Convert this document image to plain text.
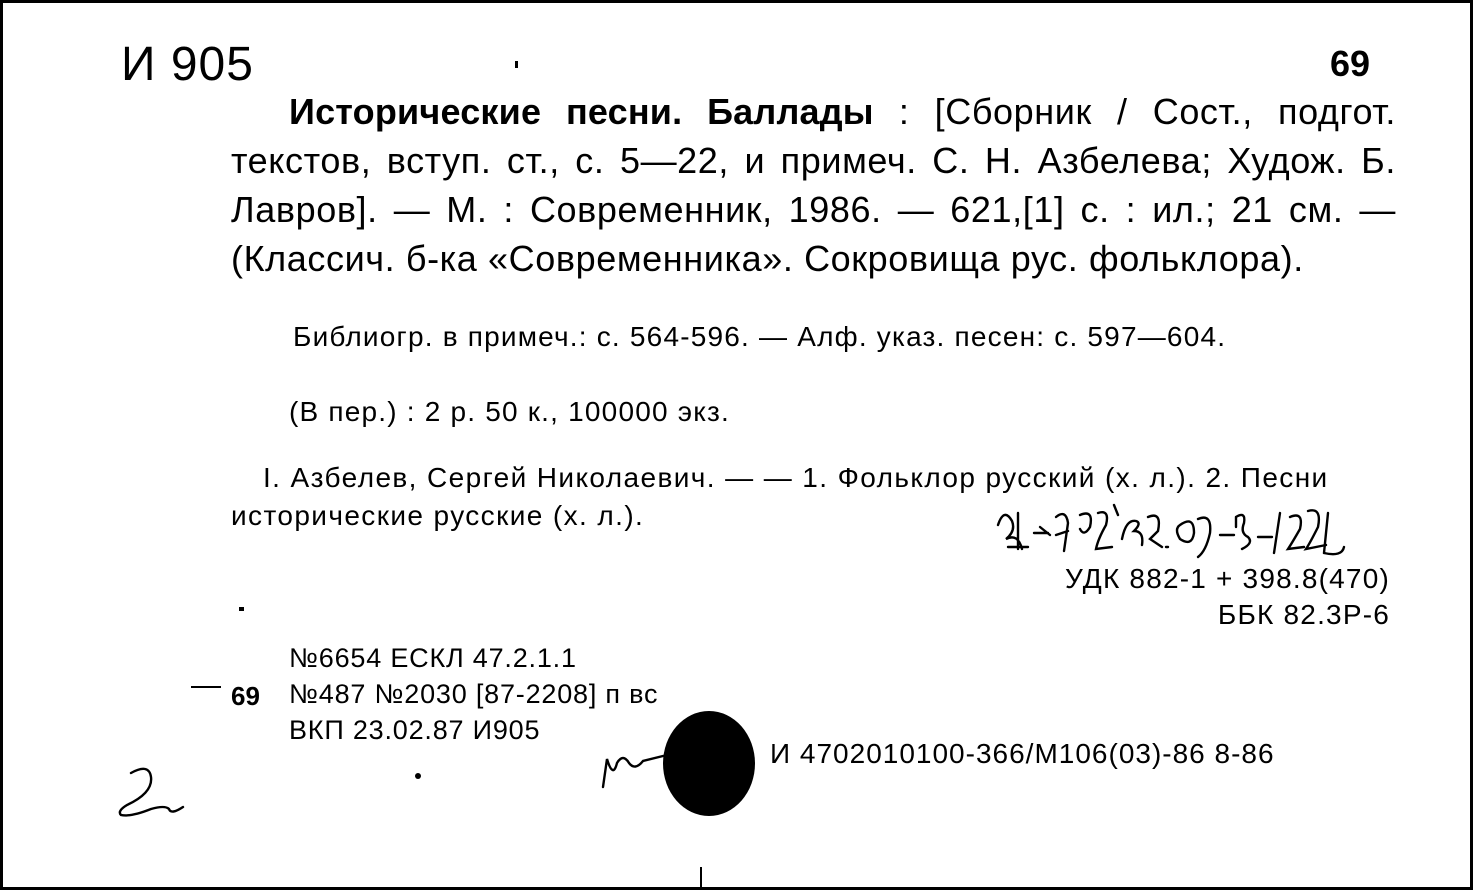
И 905	69
Исторические песни. Баллады : [Сборник / Сост., подгот. текстов, вступ. ст., с. 5—22, и примеч. С. Н. Азбелева; Худож. Б. Лавров]. — М. : Современник, 1986. — 621,[1] с. : ил.; 21 см. — (Классич. б-ка «Современника». Сокровища рус. фольклора).
Библиогр. в примеч.: с. 564-596. — Алф. указ. песен: с. 597—604.
(В пер.) : 2 р. 50 к., 100000 экз.
I. Азбелев, Сергей Николаевич. — — 1. Фольклор русский (х. л.). 2. Песни исторические русские (х. л.).
УДК 882-1 + 398.8(470)
ББК 82.3Р-6
№6654 ЕСКЛ 47.2.1.1
69 №487 №2030 [87-2208] п вс
ВКП 23.02.87 И905
И 4702010100-366/М106(03)-86 8-86
